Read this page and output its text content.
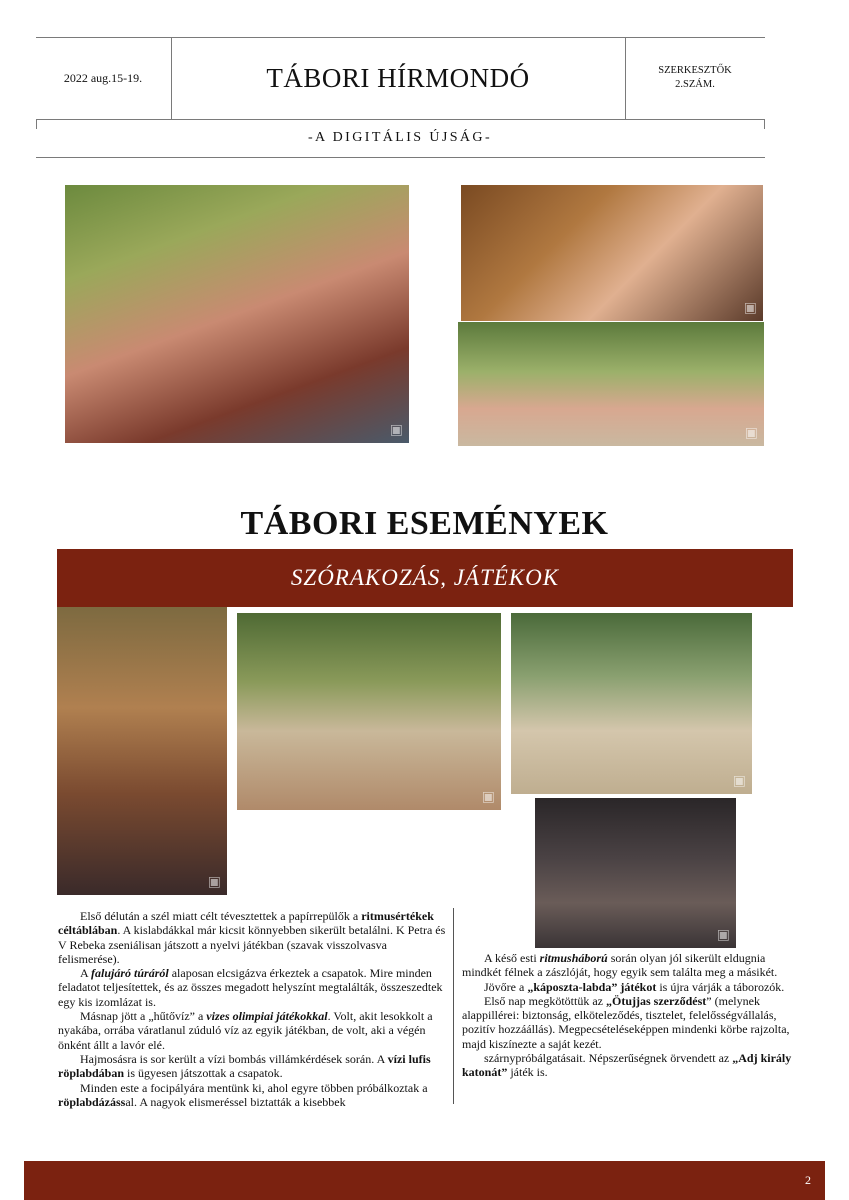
2022 aug.15-19.	TÁBORI HÍRMONDÓ	SZERKESZTŐK
2.SZÁM.
-A DIGITÁLIS ÚJSÁG-
▣
▣
▣
TÁBORI ESEMÉNYEK
SZÓRAKOZÁS, JÁTÉKOK
▣
▣
▣
▣

Első délután a szél miatt célt tévesztettek a papírrepülők a ritmusértékek céltáblában. A kislabdákkal már kicsit könnyebben sikerült betalálni. K Petra és V Rebeka zseniálisan játszott a nyelvi játékban (szavak visszolvasva felismerése).

A falujáró túráról alaposan elcsigázva érkeztek a csapatok. Mire minden feladatot teljesítettek, és az összes megadott helyszínt megtalálták, összeszedtek egy kis izomlázat is.

Másnap jött a „hűtővíz” a vizes olimpiai játékokkal. Volt, akit lesokkolt a nyakába, orrába váratlanul zúduló víz az egyik játékban, de volt, aki a végén önként állt a lavór elé.

Hajmosásra is sor került a vízi bombás villámkérdések során. A vízi lufis röplabdában is ügyesen játszottak a csapatok.

Minden este a focipályára mentünk ki, ahol egyre többen próbálkoztak a röplabdázással. A nagyok elismeréssel biztatták a kisebbek

A késő esti ritmusháború során olyan jól sikerült eldugnia mindkét félnek a zászlóját, hogy egyik sem találta meg a másikét.

Jövőre a „káposzta-labda” játékot is újra várják a táborozók.

Első nap megkötöttük az „Ötujjas szerződést” (melynek alappillérei: biztonság, elköteleződés, tisztelet, felelősségvállalás, pozitív hozzáállás). Megpecsételéseképpen mindenki körbe rajzolta, majd kiszínezte a saját kezét.

szárnypróbálgatásait. Népszerűségnek örvendett az „Adj király katonát” játék is.

2
